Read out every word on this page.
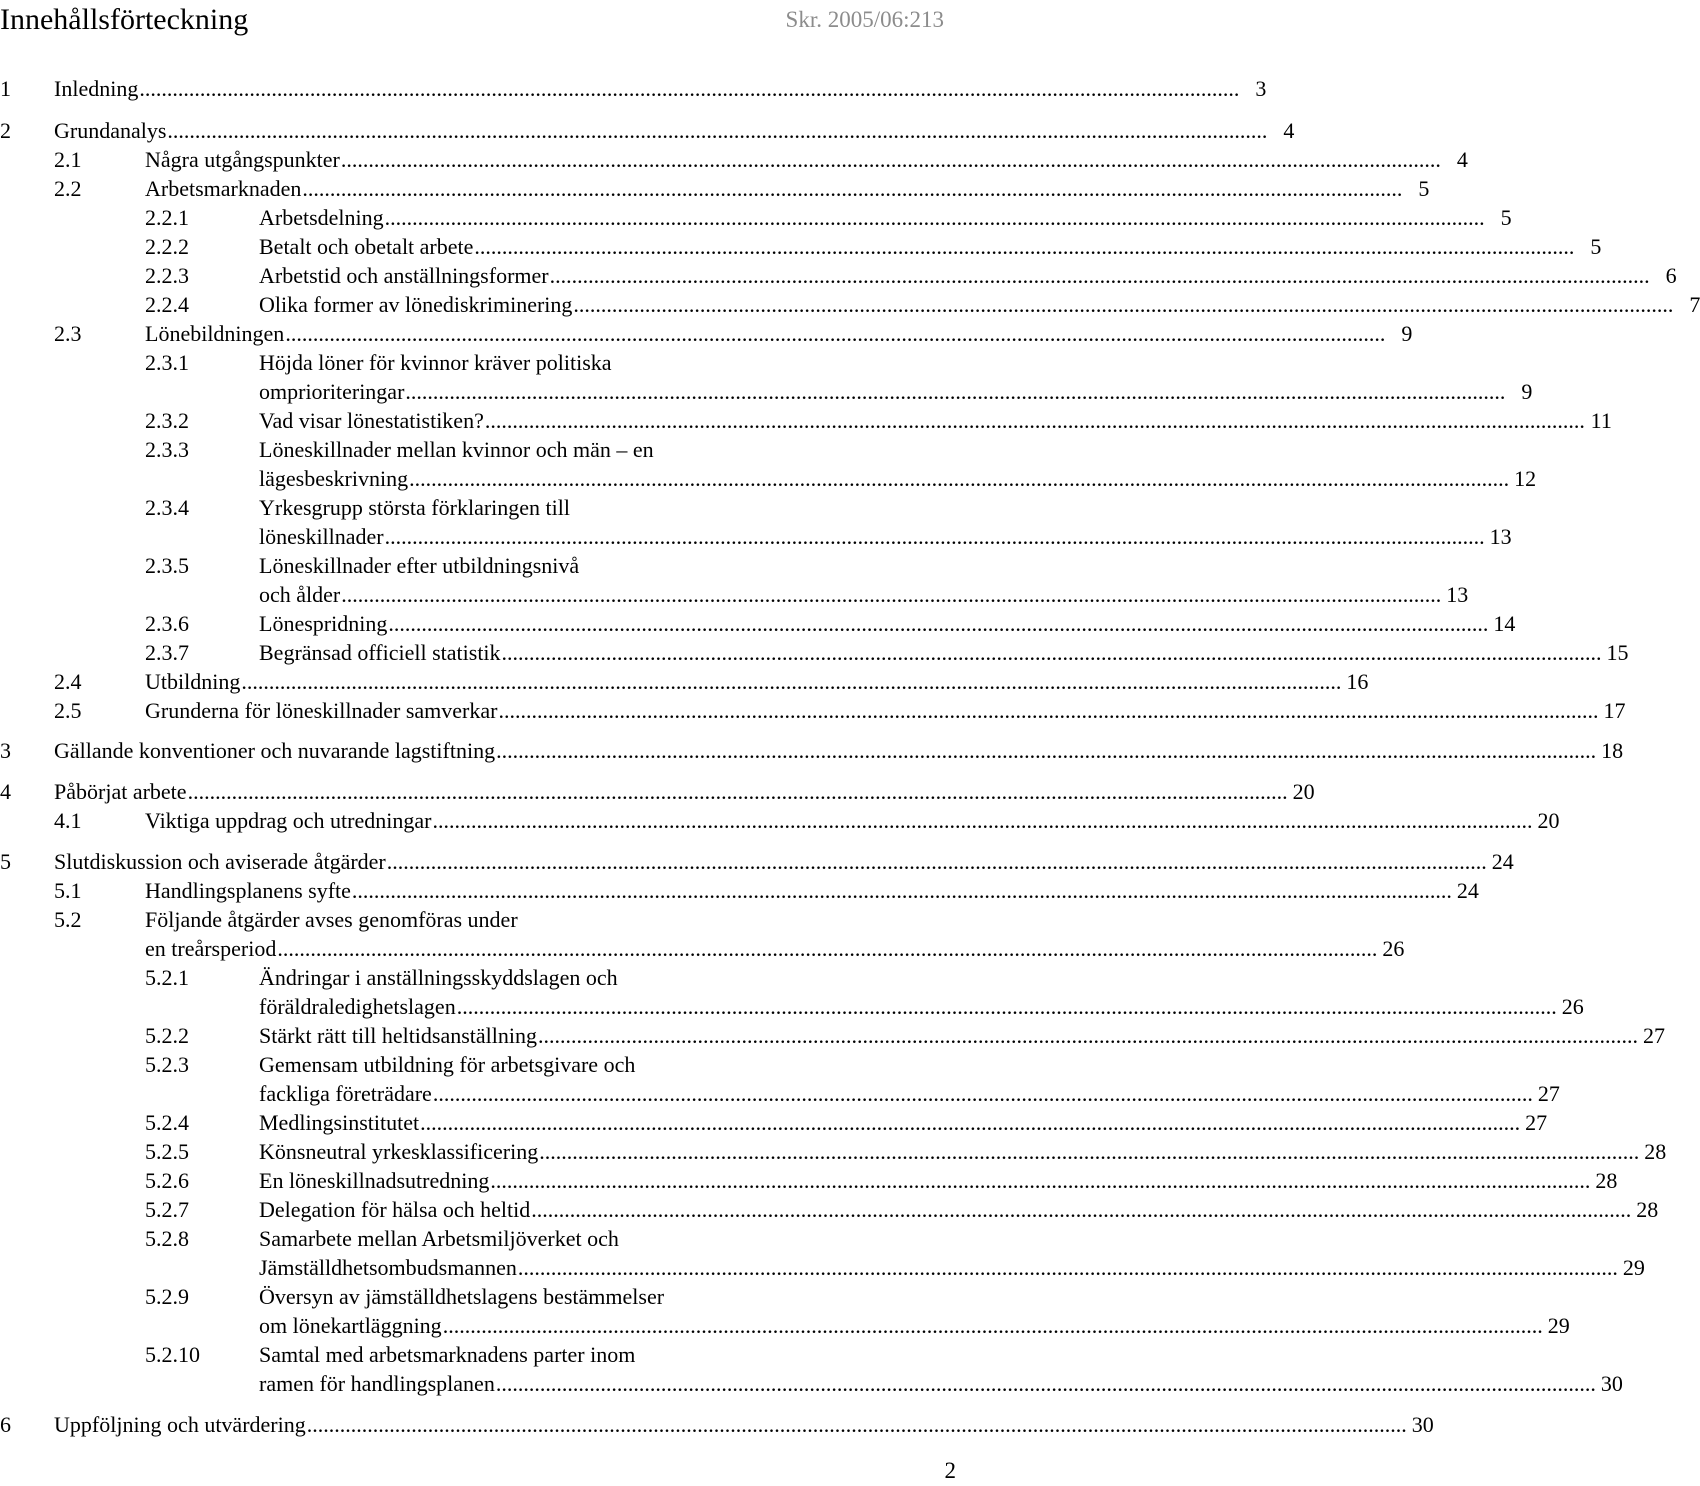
Innehållsförteckning	Skr. 2005/06:213
1 Inledning ........................................................................................................................................................................................................ 3
2 Grundanalys ........................................................................................................................................................................................................ 4
2.1	Några utgångspunkter ........................................................................................................................................................................................................ 4
2.2	Arbetsmarknaden ........................................................................................................................................................................................................ 5
2.2.1	Arbetsdelning ........................................................................................................................................................................................................ 5
2.2.2	Betalt och obetalt arbete ........................................................................................................................................................................................................ 5
2.2.3	Arbetstid och anställningsformer ........................................................................................................................................................................................................ 6
2.2.4	Olika former av lönediskriminering ........................................................................................................................................................................................................ 7
2.3	Lönebildningen ........................................................................................................................................................................................................ 9
2.3.1	Höjda löner för kvinnor kräver politiska
omprioriteringar ........................................................................................................................................................................................................ 9
2.3.2	Vad visar lönestatistiken? ........................................................................................................................................................................................................ 11
2.3.3	Löneskillnader mellan kvinnor och män – en
lägesbeskrivning ........................................................................................................................................................................................................ 12
2.3.4	Yrkesgrupp största förklaringen till
löneskillnader ........................................................................................................................................................................................................ 13
2.3.5	Löneskillnader efter utbildningsnivå
och ålder ........................................................................................................................................................................................................ 13
2.3.6	Lönespridning ........................................................................................................................................................................................................ 14
2.3.7	Begränsad officiell statistik ........................................................................................................................................................................................................ 15
2.4	Utbildning ........................................................................................................................................................................................................ 16
2.5	Grunderna för löneskillnader samverkar ........................................................................................................................................................................................................ 17
3 Gällande konventioner och nuvarande lagstiftning ........................................................................................................................................................................................................ 18
4 Påbörjat arbete ........................................................................................................................................................................................................ 20
4.1	Viktiga uppdrag och utredningar ........................................................................................................................................................................................................ 20
5 Slutdiskussion och aviserade åtgärder ........................................................................................................................................................................................................ 24
5.1	Handlingsplanens syfte ........................................................................................................................................................................................................ 24
5.2	Följande åtgärder avses genomföras under
en treårsperiod ........................................................................................................................................................................................................ 26
5.2.1	Ändringar i anställningsskyddslagen och
föräldraledighetslagen ........................................................................................................................................................................................................ 26
5.2.2	Stärkt rätt till heltidsanställning ........................................................................................................................................................................................................ 27
5.2.3	Gemensam utbildning för arbetsgivare och
fackliga företrädare ........................................................................................................................................................................................................ 27
5.2.4	Medlingsinstitutet ........................................................................................................................................................................................................ 27
5.2.5	Könsneutral yrkesklassificering ........................................................................................................................................................................................................ 28
5.2.6	En löneskillnadsutredning ........................................................................................................................................................................................................ 28
5.2.7	Delegation för hälsa och heltid ........................................................................................................................................................................................................ 28
5.2.8	Samarbete mellan Arbetsmiljöverket och
Jämställdhetsombudsmannen ........................................................................................................................................................................................................ 29
5.2.9	Översyn av jämställdhetslagens bestämmelser
om lönekartläggning ........................................................................................................................................................................................................ 29
5.2.10	Samtal med arbetsmarknadens parter inom
ramen för handlingsplanen ........................................................................................................................................................................................................ 30
6 Uppföljning och utvärdering ........................................................................................................................................................................................................ 30
2
